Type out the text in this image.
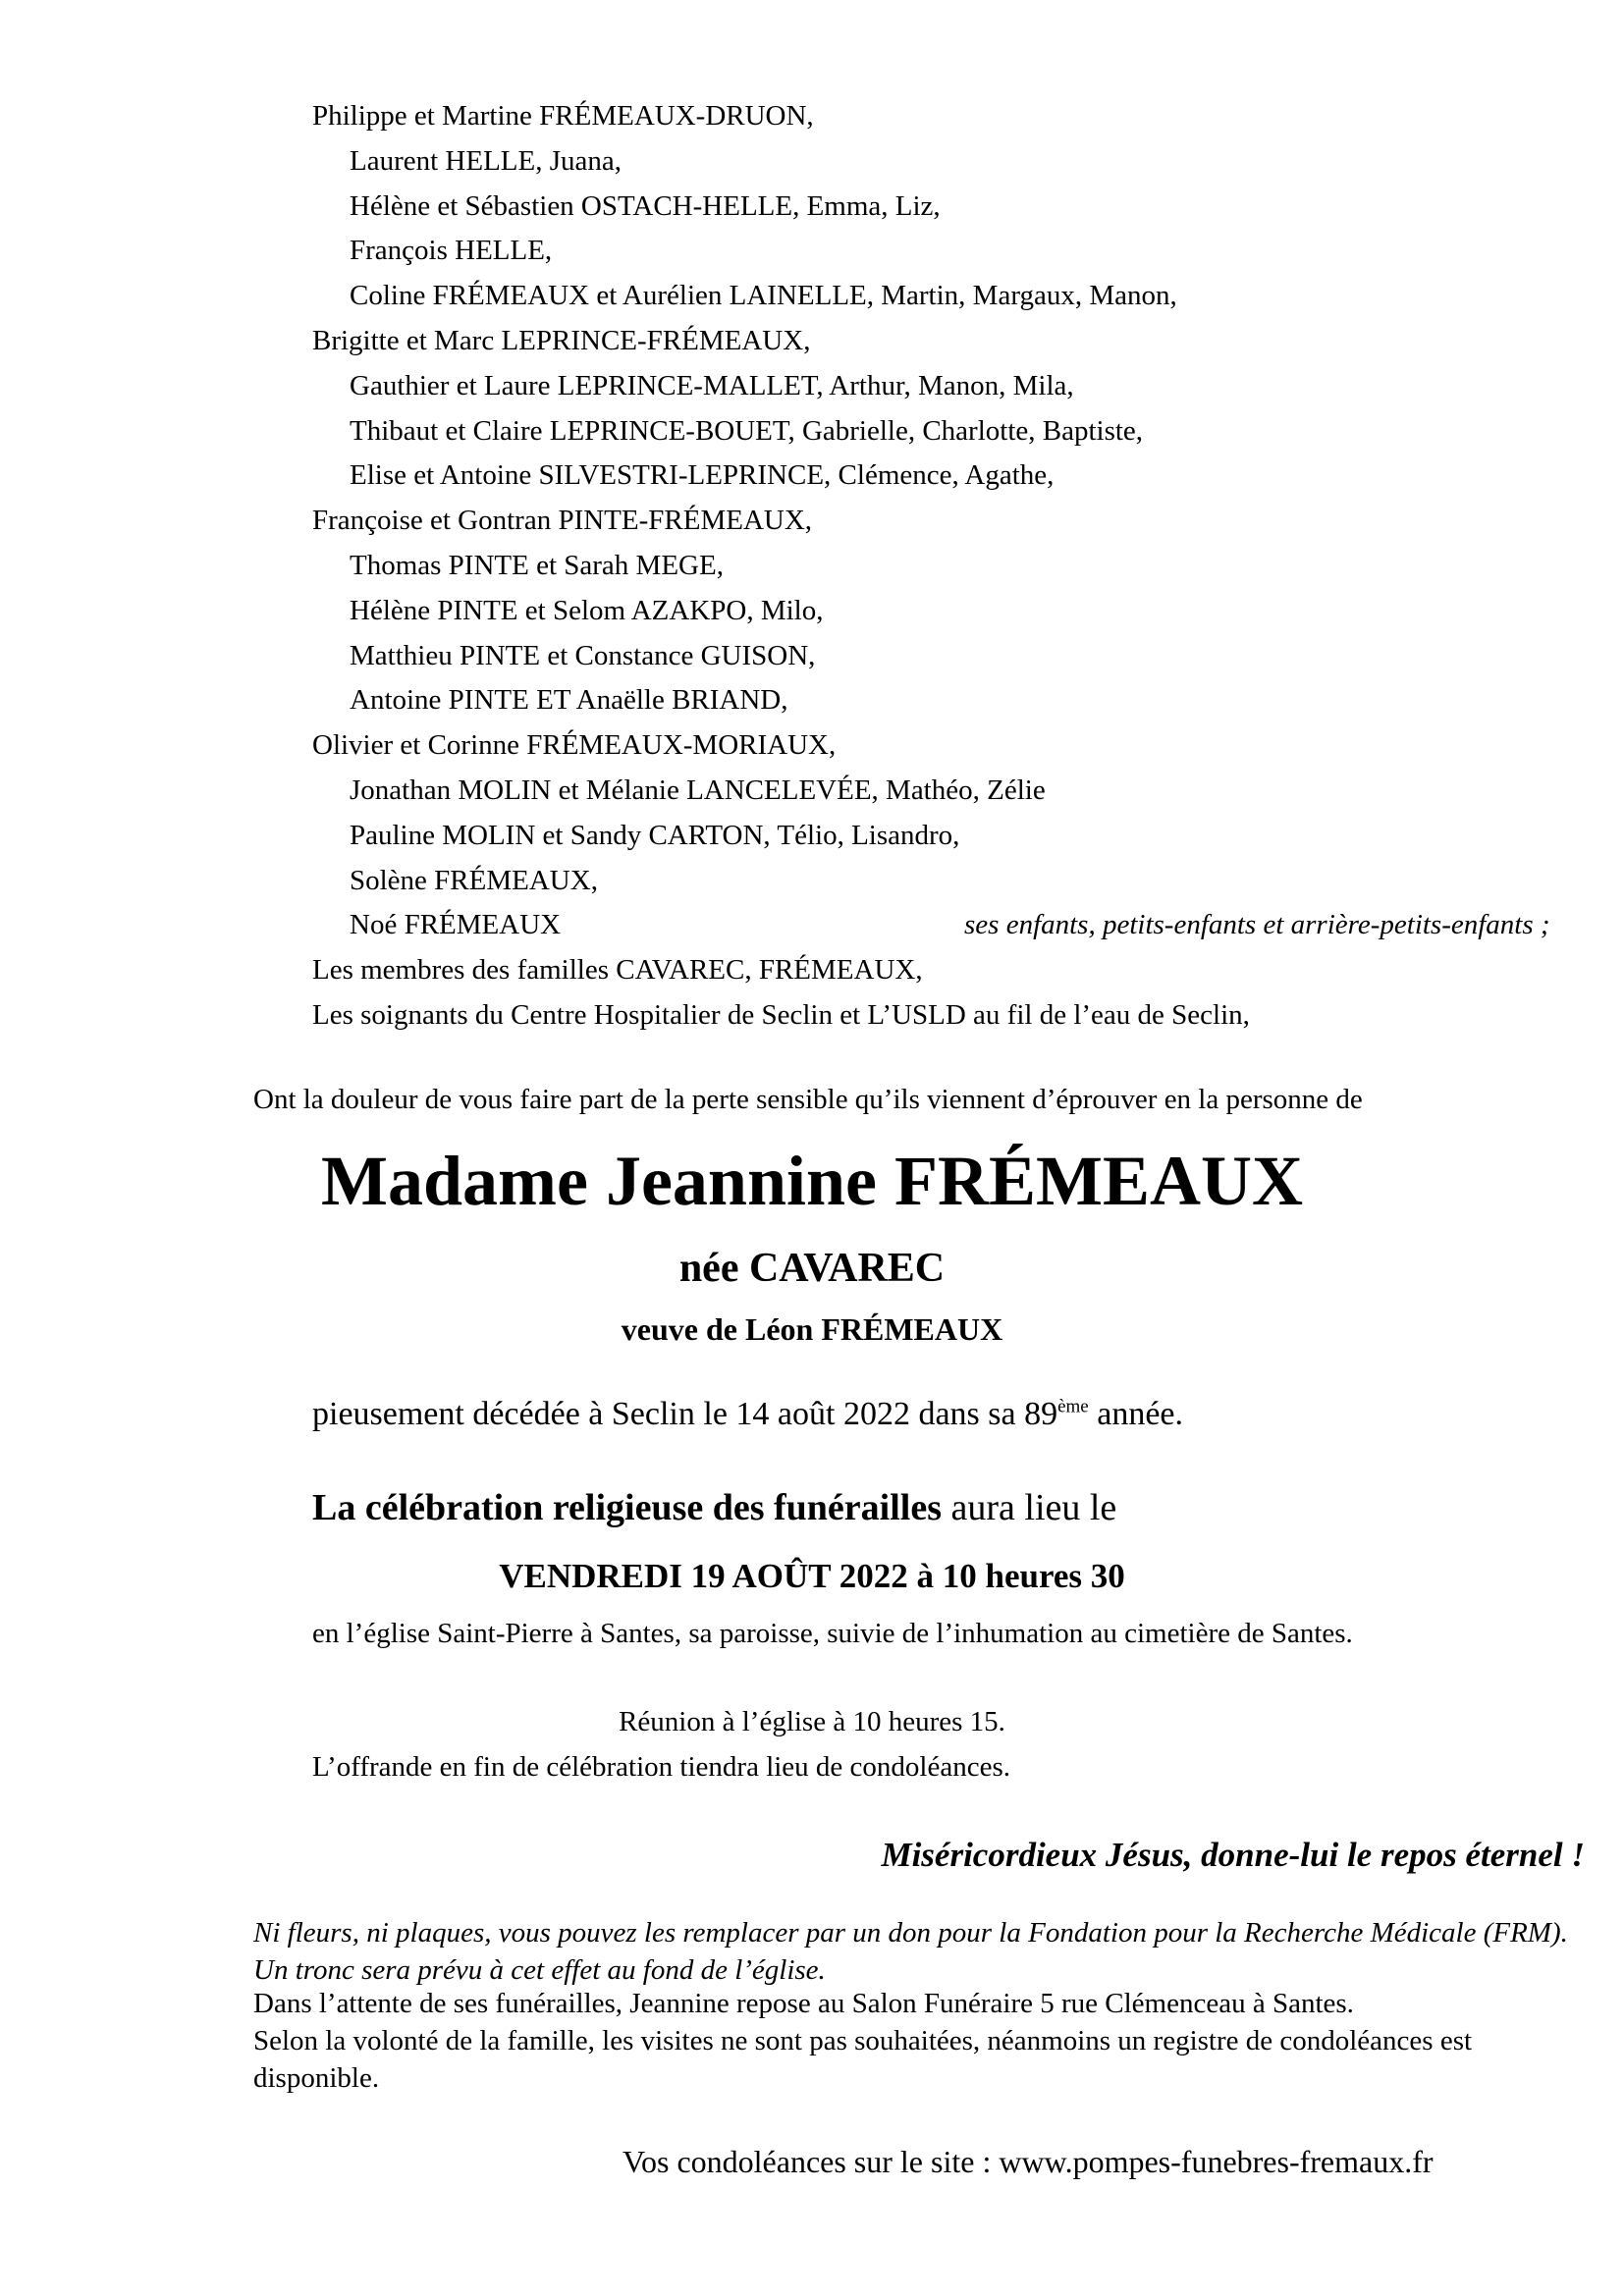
Philippe et Martine FRÉMEAUX-DRUON,
Laurent HELLE, Juana,
Hélène et Sébastien OSTACH-HELLE, Emma, Liz,
François HELLE,
Coline FRÉMEAUX et Aurélien LAINELLE, Martin, Margaux, Manon,
Brigitte et Marc LEPRINCE-FRÉMEAUX,
Gauthier et Laure LEPRINCE-MALLET, Arthur, Manon, Mila,
Thibaut et Claire LEPRINCE-BOUET, Gabrielle, Charlotte, Baptiste,
Elise et Antoine SILVESTRI-LEPRINCE, Clémence, Agathe,
Françoise et Gontran PINTE-FRÉMEAUX,
Thomas PINTE et Sarah MEGE,
Hélène PINTE et Selom AZAKPO, Milo,
Matthieu PINTE et Constance GUISON,
Antoine PINTE ET Anaëlle BRIAND,
Olivier et Corinne FRÉMEAUX-MORIAUX,
Jonathan MOLIN et Mélanie LANCELEVÉE, Mathéo, Zélie
Pauline MOLIN et Sandy CARTON, Télio, Lisandro,
Solène FRÉMEAUX,
Noé FRÉMEAUX	ses enfants, petits-enfants et arrière-petits-enfants ;
Les membres des familles CAVAREC, FRÉMEAUX,
Les soignants du Centre Hospitalier de Seclin et L’USLD au fil de l’eau de Seclin,
Ont la douleur de vous faire part de la perte sensible qu’ils viennent d’éprouver en la personne de
Madame Jeannine FRÉMEAUX
née CAVAREC
veuve de Léon FRÉMEAUX
pieusement décédée à Seclin le 14 août 2022 dans sa 89ème année.
La célébration religieuse des funérailles aura lieu le
VENDREDI 19 AOÛT 2022 à 10 heures 30
en l’église Saint-Pierre à Santes, sa paroisse, suivie de l’inhumation au cimetière de Santes.
Réunion à l’église à 10 heures 15.
L’offrande en fin de célébration tiendra lieu de condoléances.
Miséricordieux Jésus, donne-lui le repos éternel !
Ni fleurs, ni plaques, vous pouvez les remplacer par un don pour la Fondation pour la Recherche Médicale (FRM). Un tronc sera prévu à cet effet au fond de l’église.
Dans l’attente de ses funérailles, Jeannine repose au Salon Funéraire 5 rue Clémenceau à Santes.
Selon la volonté de la famille, les visites ne sont pas souhaitées, néanmoins un registre de condoléances est disponible.
Vos condoléances sur le site : www.pompes-funebres-fremaux.fr
